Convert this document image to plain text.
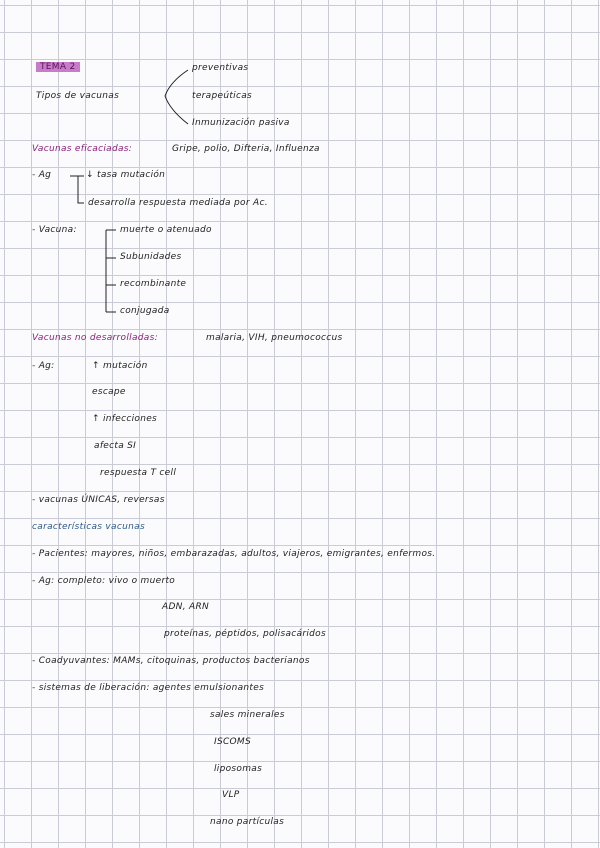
TEMA 2
Tipos de vacunas
preventivas
terapeúticas
Inmunización pasiva
Vacunas eficaciadas:	Gripe, polio, Difteria, Influenza
- Ag	↓ tasa mutación
desarrolla respuesta mediada por Ac.
- Vacuna:	muerte o atenuado
Subunidades
recombinante
conjugada
Vacunas no desarrolladas:	malaria, VIH, pneumococcus
- Ag:	↑ mutación
escape
↑ infecciones
afecta SI
respuesta T cell
- vacunas ÚNICAS, reversas
características vacunas
- Pacientes: mayores, niños, embarazadas, adultos, viajeros, emigrantes, enfermos.
- Ag: completo: vivo o muerto
ADN, ARN
proteínas, péptidos, polisacáridos
- Coadyuvantes: MAMs, citoquinas, productos bacterianos
- sistemas de liberación: agentes emulsionantes
sales minerales
ISCOMS
liposomas
VLP
nano partículas
